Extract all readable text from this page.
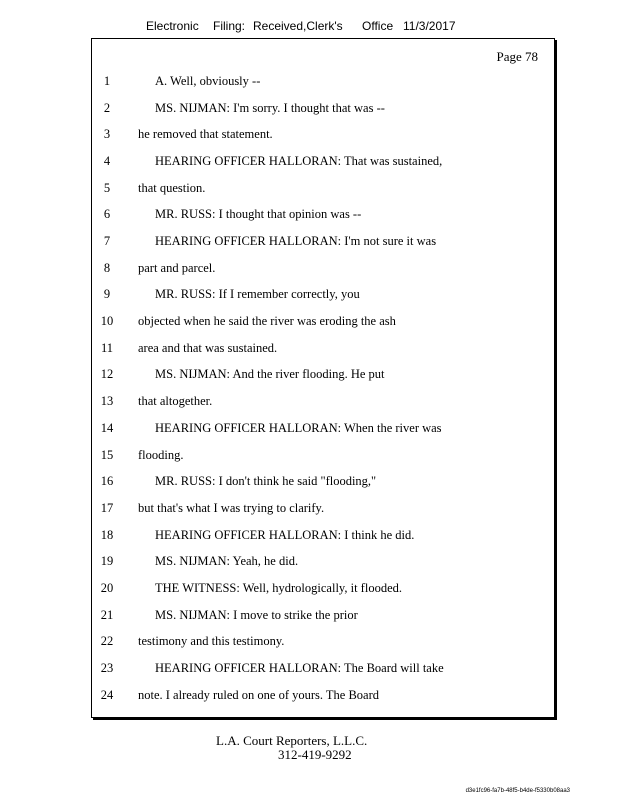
Electronic Filing: Received,Clerk's Office 11/3/2017
Page 78
1	A. Well, obviously --
2	MS. NIJMAN: I'm sorry. I thought that was --
3	he removed that statement.
4	HEARING OFFICER HALLORAN: That was sustained,
5	that question.
6	MR. RUSS: I thought that opinion was --
7	HEARING OFFICER HALLORAN: I'm not sure it was
8	part and parcel.
9	MR. RUSS: If I remember correctly, you
10	objected when he said the river was eroding the ash
11	area and that was sustained.
12	MS. NIJMAN: And the river flooding. He put
13	that altogether.
14	HEARING OFFICER HALLORAN: When the river was
15	flooding.
16	MR. RUSS: I don't think he said "flooding,"
17	but that's what I was trying to clarify.
18	HEARING OFFICER HALLORAN: I think he did.
19	MS. NIJMAN: Yeah, he did.
20	THE WITNESS: Well, hydrologically, it flooded.
21	MS. NIJMAN: I move to strike the prior
22	testimony and this testimony.
23	HEARING OFFICER HALLORAN: The Board will take
24	note. I already ruled on one of yours. The Board
L.A. Court Reporters, L.L.C.
312-419-9292
d3e1fc96-fa7b-48f5-b4de-f5330b08aa3
